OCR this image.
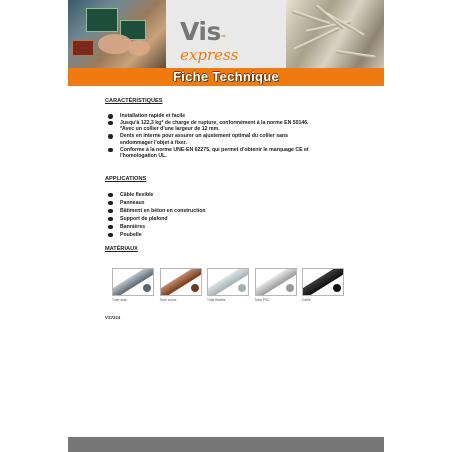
Vis-express
Fiche Technique
CARACTÉRISTIQUES
Installation rapide et facile
Jusqu'à 122,3 kg* de charge de rupture, conformément à la norme EN 50146.
*Avec un collier d'une largeur de 12 mm.
Dents en interne pour assurer un ajustement optimal du collier sans
endommager l'objet à fixer.
Conforme à la norme UNE-EN 62275, qui permet d'obtenir le marquage CE et
l'homologation UL.
APPLICATIONS
Câble flexible
Panneaux
Bâtiment en béton en construction
Support de plafond
Bannières
Poubelle
MATÉRIAUX
Tube acier	Tube cuivre	Tube flexible	Tube PVC	Câble
VS7214
